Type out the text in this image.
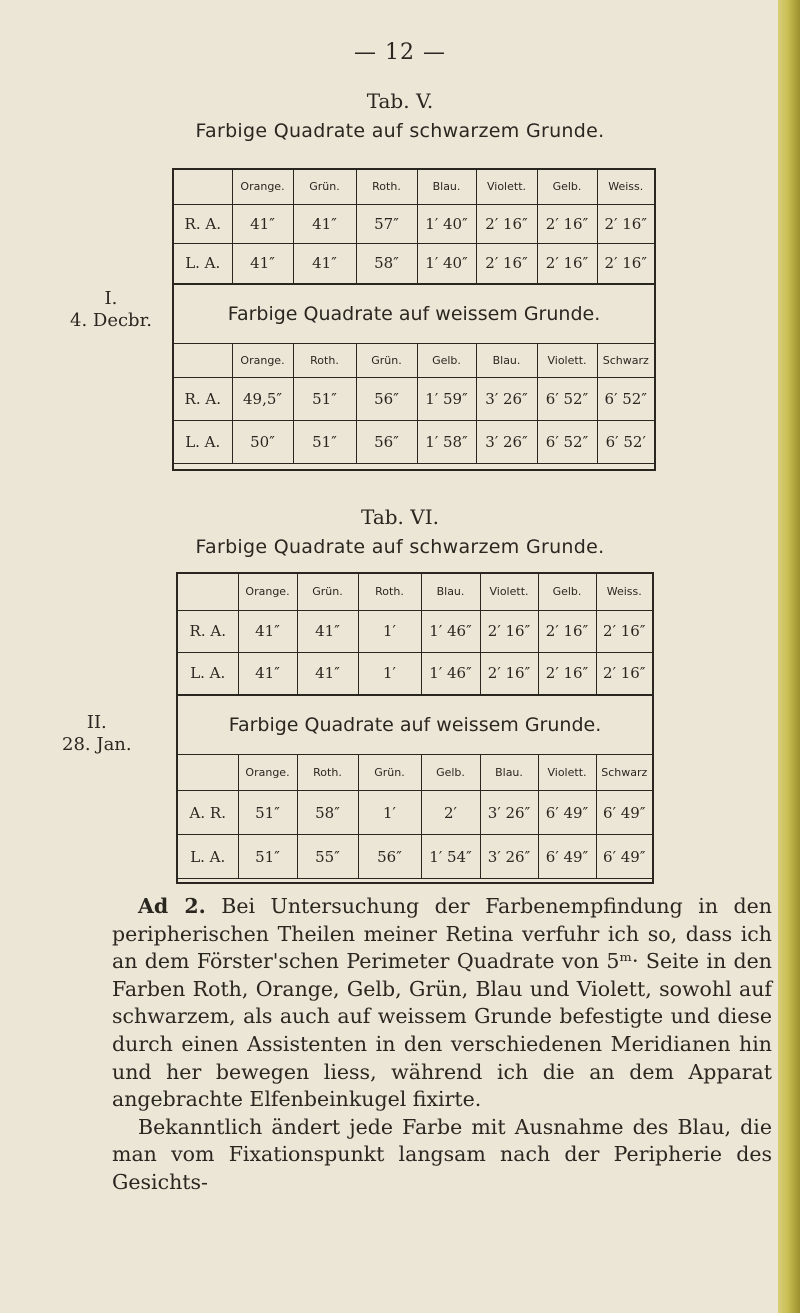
— 12 —
Tab. V.
Farbige Quadrate auf schwarzem Grunde.
I.
4. Decbr.
	Orange.	Grün.	Roth.	Blau.	Violett.	Gelb.	Weiss.
R. A.	41″	41″	57″	1′ 40″	2′ 16″	2′ 16″	2′ 16″
L. A.	41″	41″	58″	1′ 40″	2′ 16″	2′ 16″	2′ 16″
Farbige Quadrate auf weissem Grunde.
	Orange.	Roth.	Grün.	Gelb.	Blau.	Violett.	Schwarz
R. A.	49,5″	51″	56″	1′ 59″	3′ 26″	6′ 52″	6′ 52″
L. A.	50″	51″	56″	1′ 58″	3′ 26″	6′ 52″	6′ 52′
Tab. VI.
Farbige Quadrate auf schwarzem Grunde.
II.
28. Jan.
	Orange.	Grün.	Roth.	Blau.	Violett.	Gelb.	Weiss.
R. A.	41″	41″	1′	1′ 46″	2′ 16″	2′ 16″	2′ 16″
L. A.	41″	41″	1′	1′ 46″	2′ 16″	2′ 16″	2′ 16″
Farbige Quadrate auf weissem Grunde.
	Orange.	Roth.	Grün.	Gelb.	Blau.	Violett.	Schwarz
A. R.	51″	58″	1′	2′	3′ 26″	6′ 49″	6′ 49″
L. A.	51″	55″	56″	1′ 54″	3′ 26″	6′ 49″	6′ 49″

Ad 2. Bei Untersuchung der Farbenempfindung in den peripherischen Theilen meiner Retina verfuhr ich so, dass ich an dem Förster'schen Perimeter Quadrate von 5ᵐ· Seite in den Farben Roth, Orange, Gelb, Grün, Blau und Violett, sowohl auf schwarzem, als auch auf weissem Grunde befestigte und diese durch einen Assistenten in den verschiedenen Meridianen hin und her bewegen liess, während ich die an dem Apparat angebrachte Elfenbeinkugel fixirte.

Bekanntlich ändert jede Farbe mit Ausnahme des Blau, die man vom Fixationspunkt langsam nach der Peripherie des Gesichts-
